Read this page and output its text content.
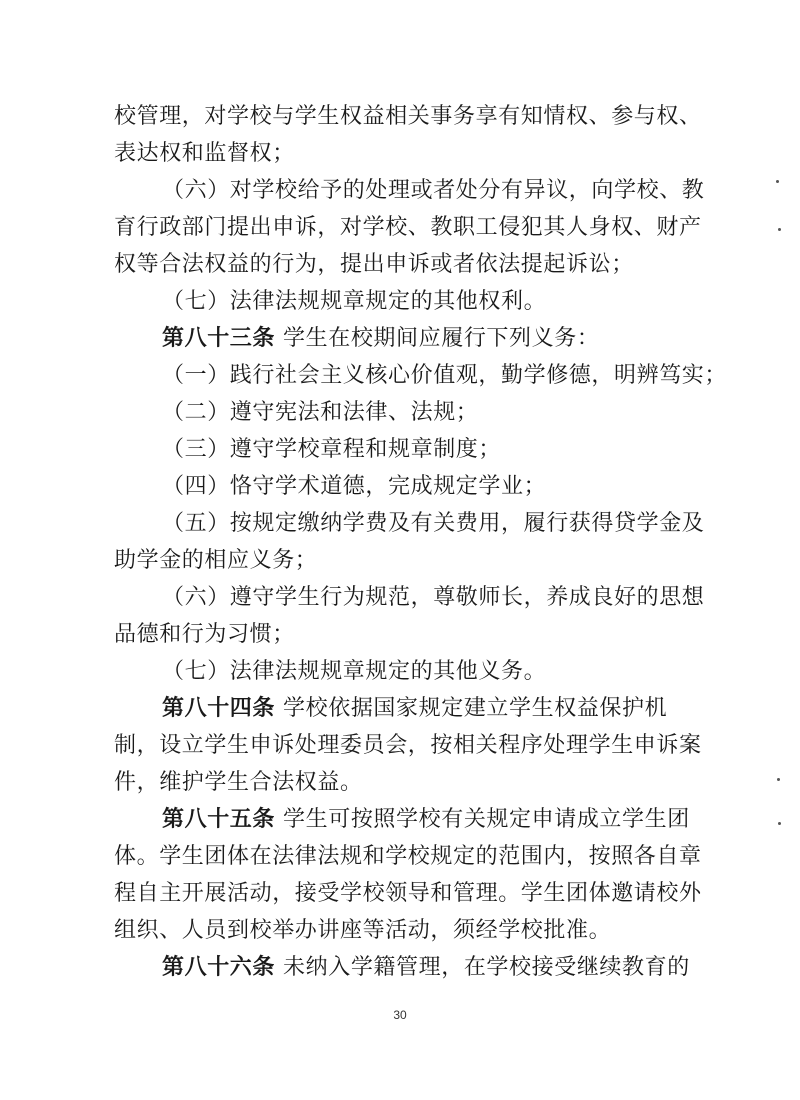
校管理，对学校与学生权益相关事务享有知情权、参与权、
表达权和监督权；
（六）对学校给予的处理或者处分有异议，向学校、教
育行政部门提出申诉，对学校、教职工侵犯其人身权、财产
权等合法权益的行为，提出申诉或者依法提起诉讼；
（七）法律法规规章规定的其他权利。
第八十三条 学生在校期间应履行下列义务：
（一）践行社会主义核心价值观，勤学修德，明辨笃实；
（二）遵守宪法和法律、法规；
（三）遵守学校章程和规章制度；
（四）恪守学术道德，完成规定学业；
（五）按规定缴纳学费及有关费用，履行获得贷学金及
助学金的相应义务；
（六）遵守学生行为规范，尊敬师长，养成良好的思想
品德和行为习惯；
（七）法律法规规章规定的其他义务。
第八十四条 学校依据国家规定建立学生权益保护机
制，设立学生申诉处理委员会，按相关程序处理学生申诉案
件，维护学生合法权益。
第八十五条 学生可按照学校有关规定申请成立学生团
体。学生团体在法律法规和学校规定的范围内，按照各自章
程自主开展活动，接受学校领导和管理。学生团体邀请校外
组织、人员到校举办讲座等活动，须经学校批准。
第八十六条 未纳入学籍管理，在学校接受继续教育的
30
